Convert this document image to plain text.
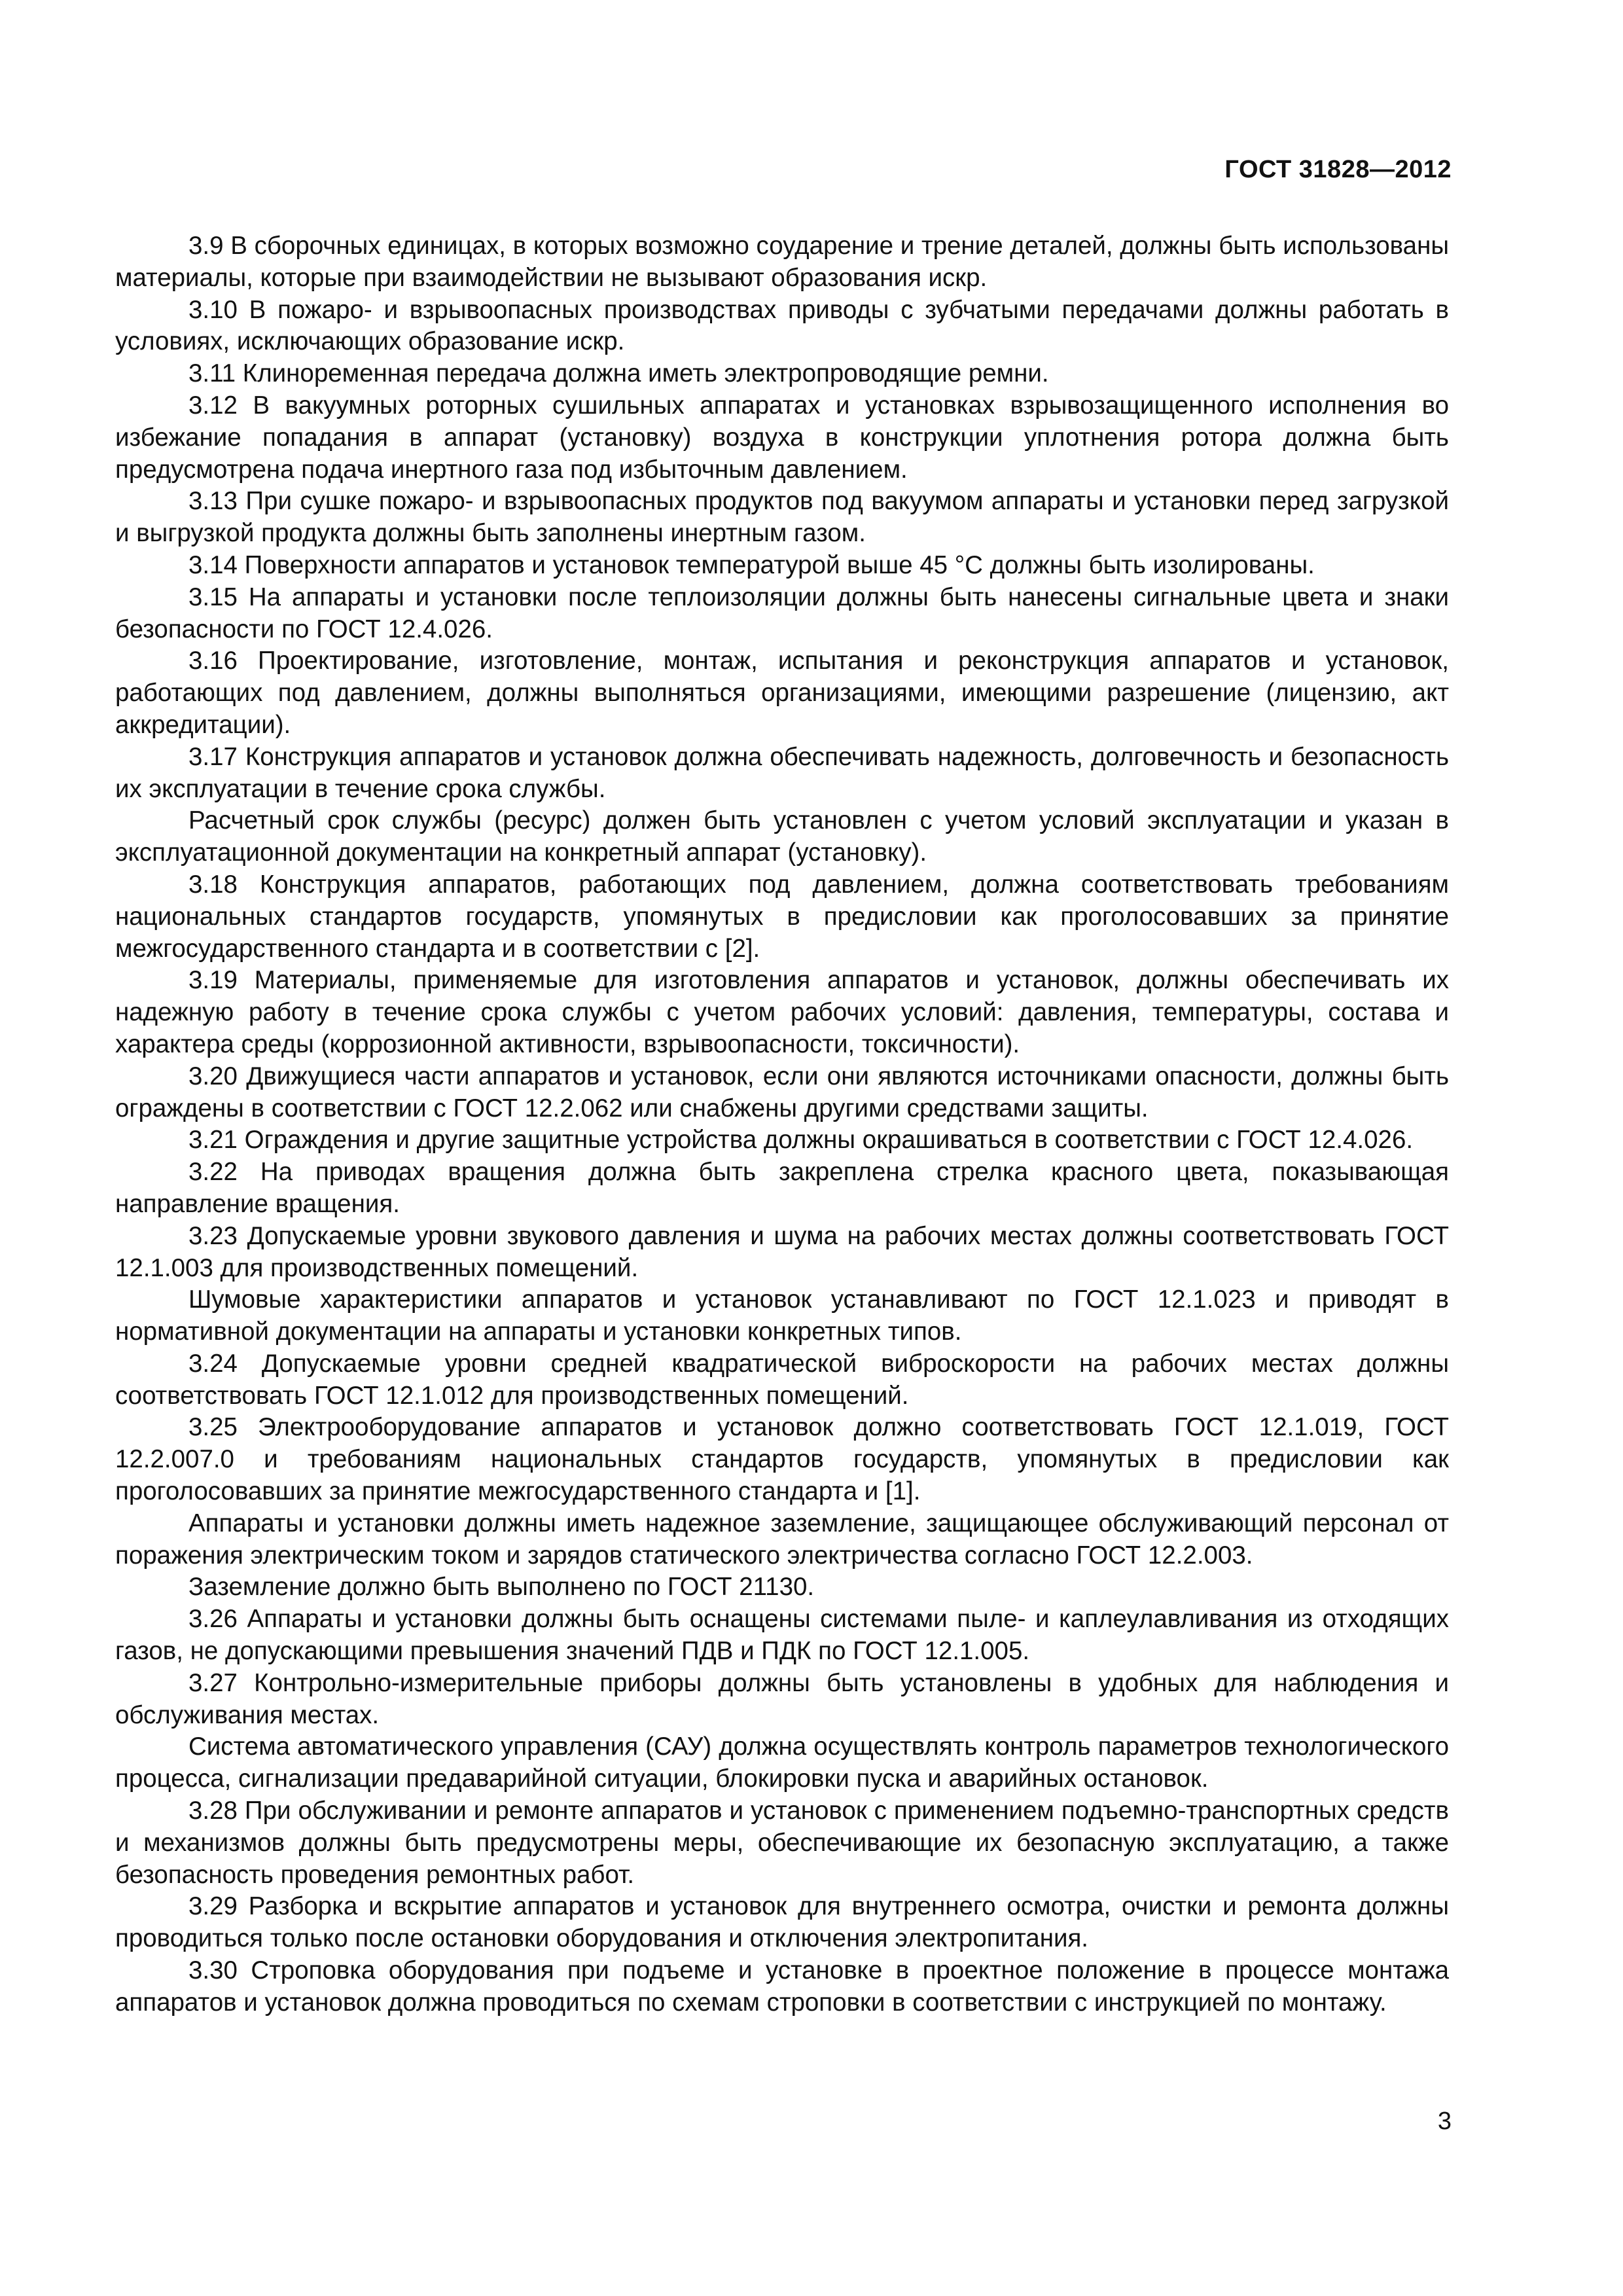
ГОСТ 31828—2012

3.9 В сборочных единицах, в которых возможно соударение и трение деталей, должны быть использованы материалы, которые при взаимодействии не вызывают образования искр.

3.10 В пожаро- и взрывоопасных производствах приводы с зубчатыми передачами должны работать в условиях, исключающих образование искр.

3.11 Клиноременная передача должна иметь электропроводящие ремни.

3.12 В вакуумных роторных сушильных аппаратах и установках взрывозащищенного исполнения во избежание попадания в аппарат (установку) воздуха в конструкции уплотнения ротора должна быть предусмотрена подача инертного газа под избыточным давлением.

3.13 При сушке пожаро- и взрывоопасных продуктов под вакуумом аппараты и установки перед загрузкой и выгрузкой продукта должны быть заполнены инертным газом.

3.14 Поверхности аппаратов и установок температурой выше 45 °С должны быть изолированы.

3.15 На аппараты и установки после теплоизоляции должны быть нанесены сигнальные цвета и знаки безопасности по ГОСТ 12.4.026.

3.16 Проектирование, изготовление, монтаж, испытания и реконструкция аппаратов и установок, работающих под давлением, должны выполняться организациями, имеющими разрешение (лицензию, акт аккредитации).

3.17 Конструкция аппаратов и установок должна обеспечивать надежность, долговечность и безопасность их эксплуатации в течение срока службы.

Расчетный срок службы (ресурс) должен быть установлен с учетом условий эксплуатации и указан в эксплуатационной документации на конкретный аппарат (установку).

3.18 Конструкция аппаратов, работающих под давлением, должна соответствовать требованиям национальных стандартов государств, упомянутых в предисловии как проголосовавших за принятие межгосударственного стандарта и в соответствии с [2].

3.19 Материалы, применяемые для изготовления аппаратов и установок, должны обеспечивать их надежную работу в течение срока службы с учетом рабочих условий: давления, температуры, состава и характера среды (коррозионной активности, взрывоопасности, токсичности).

3.20 Движущиеся части аппаратов и установок, если они являются источниками опасности, должны быть ограждены в соответствии с ГОСТ 12.2.062 или снабжены другими средствами защиты.

3.21 Ограждения и другие защитные устройства должны окрашиваться в соответствии с ГОСТ 12.4.026.

3.22 На приводах вращения должна быть закреплена стрелка красного цвета, показывающая направление вращения.

3.23 Допускаемые уровни звукового давления и шума на рабочих местах должны соответствовать ГОСТ 12.1.003 для производственных помещений.

Шумовые характеристики аппаратов и установок устанавливают по ГОСТ 12.1.023 и приводят в нормативной документации на аппараты и установки конкретных типов.

3.24 Допускаемые уровни средней квадратической виброскорости на рабочих местах должны соответствовать ГОСТ 12.1.012 для производственных помещений.

3.25 Электрооборудование аппаратов и установок должно соответствовать ГОСТ 12.1.019, ГОСТ 12.2.007.0 и требованиям национальных стандартов государств, упомянутых в предисловии как проголосовавших за принятие межгосударственного стандарта и [1].

Аппараты и установки должны иметь надежное заземление, защищающее обслуживающий персонал от поражения электрическим током и зарядов статического электричества согласно ГОСТ 12.2.003.

Заземление должно быть выполнено по ГОСТ 21130.

3.26 Аппараты и установки должны быть оснащены системами пыле- и каплеулавливания из отходящих газов, не допускающими превышения значений ПДВ и ПДК по ГОСТ 12.1.005.

3.27 Контрольно-измерительные приборы должны быть установлены в удобных для наблюдения и обслуживания местах.

Система автоматического управления (САУ) должна осуществлять контроль параметров технологического процесса, сигнализации предаварийной ситуации, блокировки пуска и аварийных остановок.

3.28 При обслуживании и ремонте аппаратов и установок с применением подъемно-транспортных средств и механизмов должны быть предусмотрены меры, обеспечивающие их безопасную эксплуатацию, а также безопасность проведения ремонтных работ.

3.29 Разборка и вскрытие аппаратов и установок для внутреннего осмотра, очистки и ремонта должны проводиться только после остановки оборудования и отключения электропитания.

3.30 Строповка оборудования при подъеме и установке в проектное положение в процессе монтажа аппаратов и установок должна проводиться по схемам строповки в соответствии с инструкцией по монтажу.

3
